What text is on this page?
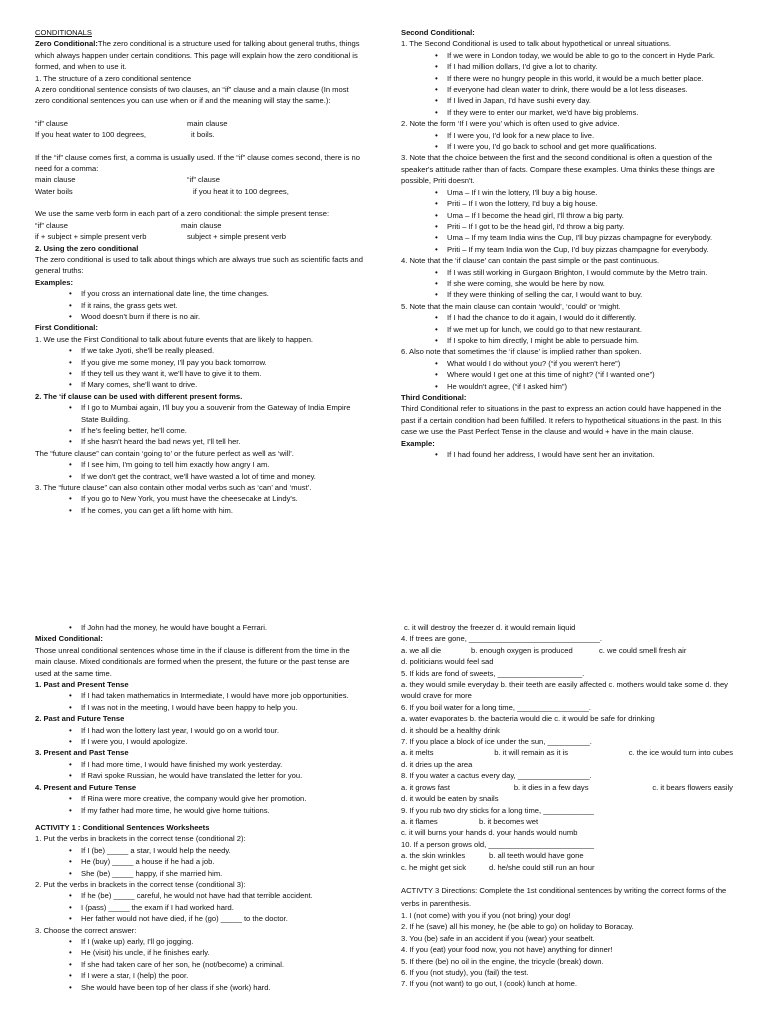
CONDITIONALS

Zero Conditional:The zero conditional is a structure used for talking about general truths, things which always happen under certain conditions. This page will explain how the zero conditional is formed, and when to use it.

1. The structure of a zero conditional sentence

A zero conditional sentence consists of two clauses, an “if” clause and a main clause (In most zero conditional sentences you can use when or if and the meaning will stay the same.):

“if” clause	main clause
If you heat water to 100 degrees,	it boils.

If the “if” clause comes first, a comma is usually used. If the “if” clause comes second, there is no need for a comma:

main clause	“if” clause
Water boils	if you heat it to 100 degrees,

We use the same verb form in each part of a zero conditional: the simple present tense:

“if” clause	main clause
if + subject + simple present verb	subject + simple present verb

2. Using the zero conditional

The zero conditional is used to talk about things which are always true such as scientific facts and general truths:

Examples:

• If you cross an international date line, the time changes.

• If it rains, the grass gets wet.

• Wood doesn't burn if there is no air.

First Conditional:

1. We use the First Conditional to talk about future events that are likely to happen.

• If we take Jyoti, she'll be really pleased.

• If you give me some money, I'll pay you back tomorrow.

• If they tell us they want it, we'll have to give it to them.

• If Mary comes, she'll want to drive.

2. The ‘if clause can be used with different present forms.

• If I go to Mumbai again, I'll buy you a souvenir from the Gateway of India Empire State Building.

• If he's feeling better, he'll come.

• If she hasn't heard the bad news yet, I'll tell her.

The “future clause” can contain ‘going to’ or the future perfect as well as ‘will’.

• If I see him, I'm going to tell him exactly how angry I am.

• If we don't get the contract, we'll have wasted a lot of time and money.

3. The “future clause” can also contain other modal verbs such as ‘can’ and ‘must’.

• If you go to New York, you must have the cheesecake at Lindy's.

• If he comes, you can get a lift home with him.

Second Conditional:

1. The Second Conditional is used to talk about hypothetical or unreal situations.

• If we were in London today, we would be able to go to the concert in Hyde Park.

• If I had million dollars, I'd give a lot to charity.

• If there were no hungry people in this world, it would be a much better place.

• If everyone had clean water to drink, there would be a lot less diseases.

• If I lived in Japan, I'd have sushi every day.

• If they were to enter our market, we'd have big problems.

2. Note the form ‘If I were you’ which is often used to give advice.

• If I were you, I'd look for a new place to live.

• If I were you, I'd go back to school and get more qualifications.

3. Note that the choice between the first and the second conditional is often a question of the speaker's attitude rather than of facts. Compare these examples. Uma thinks these things are possible, Priti doesn't.

• Uma – If I win the lottery, I'll buy a big house.

• Priti – If I won the lottery, I'd buy a big house.

• Uma – If I become the head girl, I'll throw a big party.

• Priti – If I got to be the head girl, I'd throw a big party.

• Uma – If my team India wins the Cup, I'll buy pizzas champagne for everybody.

• Priti – If my team India won the Cup, I'd buy pizzas champagne for everybody.

4. Note that the ‘if clause’ can contain the past simple or the past continuous.

• If I was still working in Gurgaon Brighton, I would commute by the Metro train.

• If she were coming, she would be here by now.

• If they were thinking of selling the car, I would want to buy.

5. Note that the main clause can contain ‘would’, ‘could’ or ‘might.

• If I had the chance to do it again, I would do it differently.

• If we met up for lunch, we could go to that new restaurant.

• If I spoke to him directly, I might be able to persuade him.

6. Also note that sometimes the ‘if clause’ is implied rather than spoken.

• What would I do without you? (“if you weren't here”)

• Where would I get one at this time of night? (“if I wanted one”)

• He wouldn't agree, (“if I asked him”)

Third Conditional:

Third Conditional refer to situations in the past to express an action could have happened in the past if a certain condition had been fulfilled. It refers to hypothetical situations in the past. In this case we use the Past Perfect Tense in the clause and would + have in the main clause.

Example:

• If I had found her address, I would have sent her an invitation.

• If John had the money, he would have bought a Ferrari.

Mixed Conditional:

Those unreal conditional sentences whose time in the if clause is different from the time in the main clause. Mixed conditionals are formed when the present, the future or the past tense are used at the same time.

1. Past and Present Tense

• If I had taken mathematics in Intermediate, I would have more job opportunities.

• If I was not in the meeting, I would have been happy to help you.

2. Past and Future Tense

• If I had won the lottery last year, I would go on a world tour.

• If I were you, I would apologize.

3. Present and Past Tense

• If I had more time, I would have finished my work yesterday.

• If Ravi spoke Russian, he would have translated the letter for you.

4. Present and Future Tense

• If Rina were more creative, the company would give her promotion.

• If my father had more time, he would give home tuitions.

ACTIVITY 1 : Conditional Sentences Worksheets

1. Put the verbs in brackets in the correct tense (conditional 2):

• If I (be) _____ a star, I would help the needy.

• He (buy) _____ a house if he had a job.

• She (be) _____ happy, if she married him.

2. Put the verbs in brackets in the correct tense (conditional 3):

• If he (be) _____ careful, he would not have had that terrible accident.

• I (pass) _____ the exam if I had worked hard.

• Her father would not have died, if he (go) _____ to the doctor.

3. Choose the correct answer:

• If I (wake up) early, I'll go jogging.

• He (visit) his uncle, if he finishes early.

• If she had taken care of her son, he (not/become) a criminal.

• If I were a star, I (help) the poor.

• She would have been top of her class if she (work) hard.

c. it will destroy the freezer d. it would remain liquid

4. If trees are gone, _______________________________.

a. we all die	b. enough oxygen is produced	c. we could smell fresh air

d. politicians would feel sad

5. If kids are fond of sweets, ____________________.

a. they would smile everyday b. their teeth are easily affected c. mothers would take some d. they would crave for more

6. If you boil water for a long time, _________________.

a. water evaporates b. the bacteria would die c. it would be safe for drinking

d. it should be a healthy drink

7. If you place a block of ice under the sun, __________.

a. it melts	b. it will remain as it is	c. the ice would turn into cubes

d. it dries up the area

8. If you water a cactus every day, _________________.

a. it grows fast	b. it dies in a few days	c. it bears flowers easily

d. it would be eaten by snails

9. If you rub two dry sticks for a long time, ____________

a. it flames	b. it becomes wet

c. it will burns your hands d. your hands would numb

10. If a person grows old, _________________________

a. the skin wrinkles	b. all teeth would have gone
c. he might get sick	d. he/she could still run an hour

ACTIVTY 3 Directions: Complete the 1st conditional sentences by writing the correct forms of the verbs in parenthesis.

1. I (not come) with you if you (not bring) your dog!

2. If he (save) all his money, he (be able to go) on holiday to Boracay.

3. You (be) safe in an accident if you (wear) your seatbelt.

4. If you (eat) your food now, you not have) anything for dinner!

5. If there (be) no oil in the engine, the tricycle (break) down.

6. If you (not study), you (fail) the test.

7. If you (not want) to go out, I (cook) lunch at home.
